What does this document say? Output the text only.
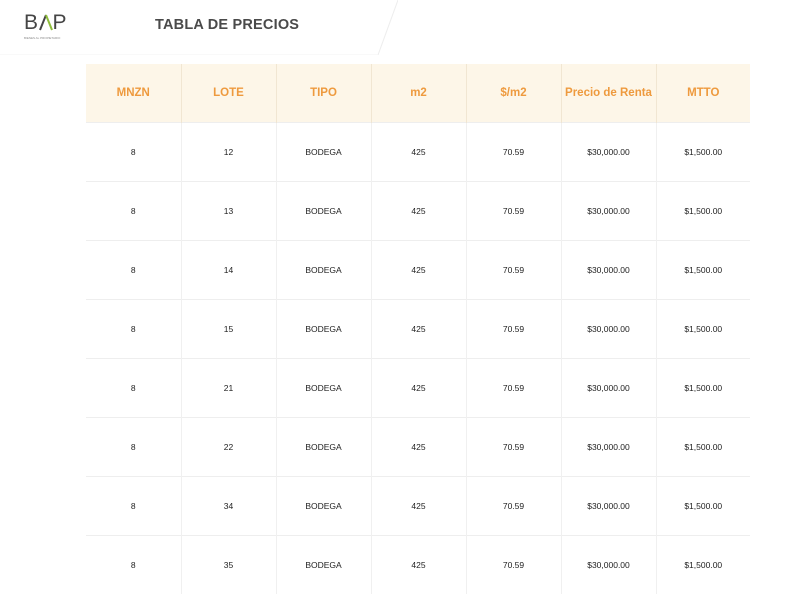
B P
BIENES AL PROPIETARIO
TABLA DE PRECIOS
MNZN	LOTE	TIPO	m2	$/m2	Precio de Renta	MTTO
8	12	BODEGA	425	70.59	$30,000.00	$1,500.00
8	13	BODEGA	425	70.59	$30,000.00	$1,500.00
8	14	BODEGA	425	70.59	$30,000.00	$1,500.00
8	15	BODEGA	425	70.59	$30,000.00	$1,500.00
8	21	BODEGA	425	70.59	$30,000.00	$1,500.00
8	22	BODEGA	425	70.59	$30,000.00	$1,500.00
8	34	BODEGA	425	70.59	$30,000.00	$1,500.00
8	35	BODEGA	425	70.59	$30,000.00	$1,500.00
